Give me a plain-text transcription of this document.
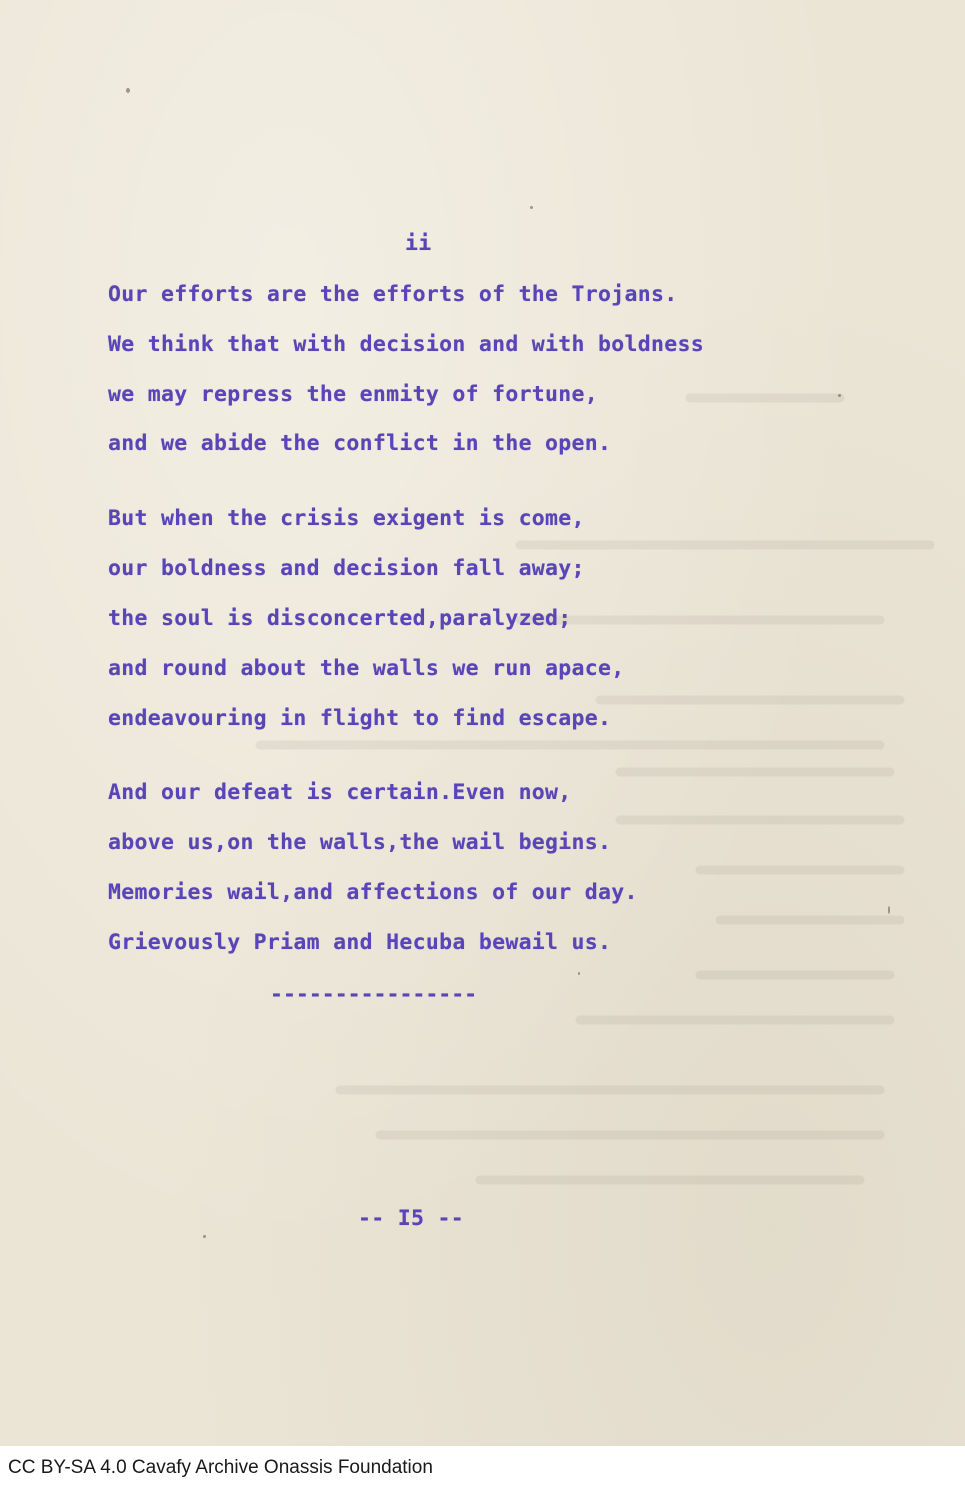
ii

Our efforts are the efforts of the Trojans.

We think that with decision and with boldness

we may repress the enmity of fortune,

and we abide the conflict in the open.

But when the crisis exigent is come,

our boldness and decision fall away;

the soul is disconcerted,paralyzed;

and round about the walls we run apace,

endeavouring in flight to find escape.

And our defeat is certain.Even now,

above us,on the walls,the wail begins.

Memories wail,and affections of our day.

Grievously Priam and Hecuba bewail us.

----------------

-- I5 --

CC BY-SA 4.0 Cavafy Archive Onassis Foundation
